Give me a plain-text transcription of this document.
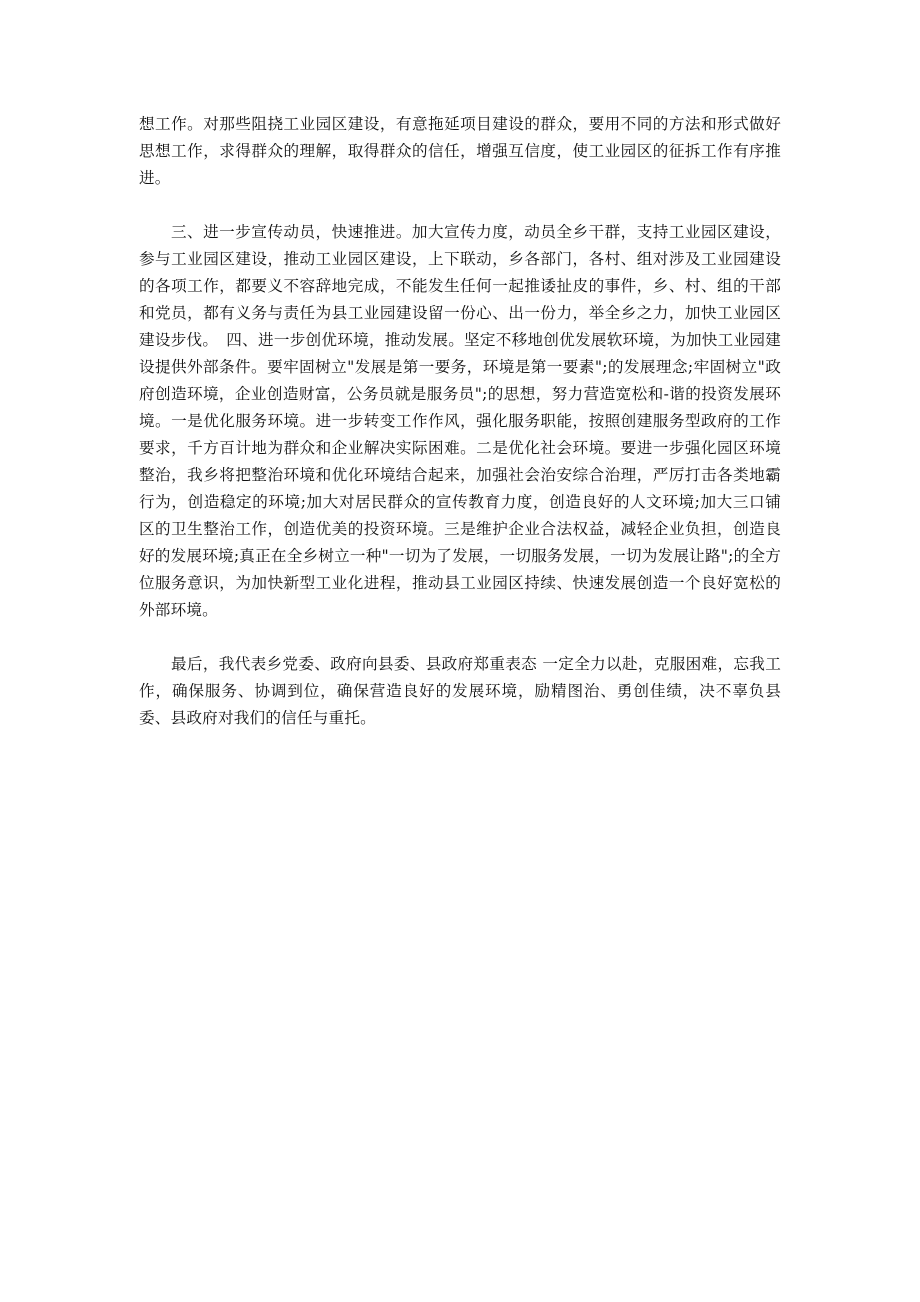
想工作。对那些阻挠工业园区建设，有意拖延项目建设的群众，要用不同的方法和形式做好思想工作，求得群众的理解，取得群众的信任，增强互信度，使工业园区的征拆工作有序推进。

三、进一步宣传动员，快速推进。加大宣传力度，动员全乡干群，支持工业园区建设，参与工业园区建设，推动工业园区建设，上下联动，乡各部门，各村、组对涉及工业园建设的各项工作，都要义不容辞地完成，不能发生任何一起推诿扯皮的事件，乡、村、组的干部和党员，都有义务与责任为县工业园建设留一份心、出一份力，举全乡之力，加快工业园区建设步伐。　四、进一步创优环境，推动发展。坚定不移地创优发展软环境，为加快工业园建设提供外部条件。要牢固树立"发展是第一要务，环境是第一要素";的发展理念;牢固树立"政府创造环境，企业创造财富，公务员就是服务员";的思想，努力营造宽松和-谐的投资发展环境。一是优化服务环境。进一步转变工作作风，强化服务职能，按照创建服务型政府的工作要求，千方百计地为群众和企业解决实际困难。二是优化社会环境。要进一步强化园区环境整治，我乡将把整治环境和优化环境结合起来，加强社会治安综合治理，严厉打击各类地霸行为，创造稳定的环境;加大对居民群众的宣传教育力度，创造良好的人文环境;加大三口铺区的卫生整治工作，创造优美的投资环境。三是维护企业合法权益，减轻企业负担，创造良好的发展环境;真正在全乡树立一种"一切为了发展，一切服务发展，一切为发展让路";的全方位服务意识，为加快新型工业化进程，推动县工业园区持续、快速发展创造一个良好宽松的外部环境。

最后，我代表乡党委、政府向县委、县政府郑重表态 一定全力以赴，克服困难，忘我工作，确保服务、协调到位，确保营造良好的发展环境，励精图治、勇创佳绩，决不辜负县委、县政府对我们的信任与重托。
